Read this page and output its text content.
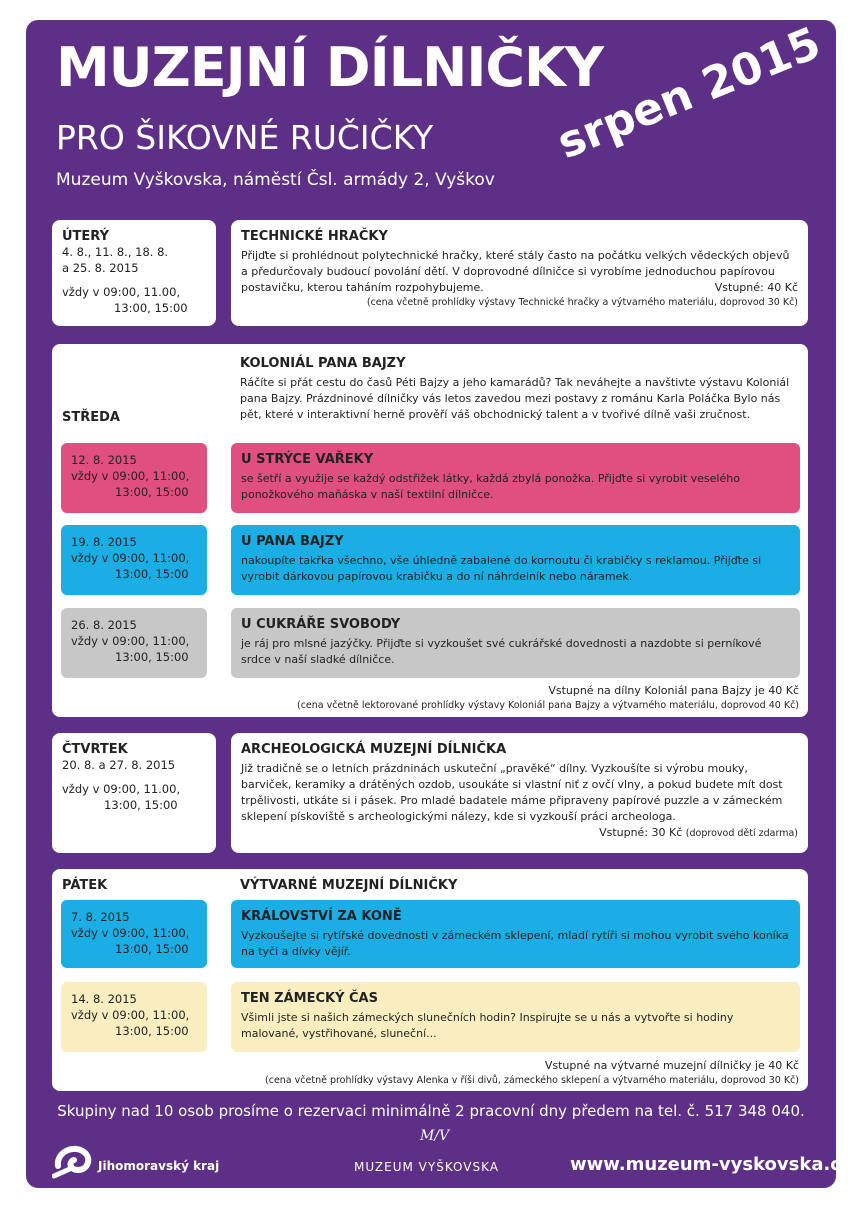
MUZEJNÍ DÍLNIČKY
PRO ŠIKOVNÉ RUČIČKY
Muzeum Vyškovska, náměstí Čsl. armády 2, Vyškov
srpen 2015
ÚTERÝ
4. 8., 11. 8., 18. 8.
a 25. 8. 2015
vždy v 09:00, 11.00,
13:00, 15:00
TECHNICKÉ HRAČKY
Přijďte si prohlédnout polytechnické hračky, které stály často na počátku velkých vědeckých objevů a předurčovaly budoucí povolání dětí. V doprovodné dílničce si vyrobíme jednoduchou papírovou postavičku, kterou taháním rozpohybujeme.	Vstupné: 40 Kč
(cena včetně prohlídky výstavy Technické hračky a výtvarného materiálu, doprovod 30 Kč)
STŘEDA
KOLONIÁL PANA BAJZY
Ráčíte si přát cestu do časů Péti Bajzy a jeho kamarádů? Tak neváhejte a navštivte výstavu Koloniál pana Bajzy. Prázdninové dílničky vás letos zavedou mezi postavy z románu Karla Poláčka Bylo nás pět, které v interaktivní herně prověří váš obchodnický talent a v tvořivé dílně vaši zručnost.
12. 8. 2015
vždy v 09:00, 11:00,
13:00, 15:00
U STRÝCE VAŘEKY
se šetří a využije se každý odstřižek látky, každá zbylá ponožka. Přijďte si vyrobit veselého ponožkového maňáska v naší textilní dílničce.
19. 8. 2015
vždy v 09:00, 11:00,
13:00, 15:00
U PANA BAJZY
nakoupíte takřka všechno, vše úhledně zabalené do kornoutu či krabičky s reklamou. Přijďte si vyrobit dárkovou papírovou krabičku a do ní náhrdelník nebo náramek.
26. 8. 2015
vždy v 09:00, 11:00,
13:00, 15:00
U CUKRÁŘE SVOBODY
je ráj pro mlsné jazýčky. Přijďte si vyzkoušet své cukrářské dovednosti a nazdobte si perníkové srdce v naší sladké dílničce.
Vstupné na dílny Koloniál pana Bajzy je 40 Kč
(cena včetně lektorované prohlídky výstavy Koloniál pana Bajzy a výtvarného materiálu, doprovod 40 Kč)
ČTVRTEK
20. 8. a 27. 8. 2015
vždy v 09:00, 11.00,
13:00, 15:00
ARCHEOLOGICKÁ MUZEJNÍ DÍLNIČKA
Již tradičně se o letních prázdninách uskuteční „pravěké“ dílny. Vyzkoušíte si výrobu mouky, barviček, keramiky a drátěných ozdob, usoukáte si vlastní niť z ovčí vlny, a pokud budete mít dost trpělivosti, utkáte si i pásek. Pro mladé badatele máme připraveny papírové puzzle a v zámeckém sklepení pískoviště s archeologickými nálezy, kde si vyzkouší práci archeologa.
Vstupné: 30 Kč (doprovod dětí zdarma)
PÁTEK	VÝTVARNÉ MUZEJNÍ DÍLNIČKY
7. 8. 2015
vždy v 09:00, 11:00,
13:00, 15:00
KRÁLOVSTVÍ ZA KONĚ
Vyzkoušejte si rytířské dovednosti v zámeckém sklepení, mladí rytíři si mohou vyrobit svého koníka na tyči a dívky vějíř.
14. 8. 2015
vždy v 09:00, 11:00,
13:00, 15:00
TEN ZÁMECKÝ ČAS
Všimli jste si našich zámeckých slunečních hodin? Inspirujte se u nás a vytvořte si hodiny malované, vystřihované, sluneční...
Vstupné na výtvarné muzejní dílničky je 40 Kč
(cena včetně prohlídky výstavy Alenka v říši divů, zámeckého sklepení a výtvarného materiálu, doprovod 30 Kč)
Skupiny nad 10 osob prosíme o rezervaci minimálně 2 pracovní dny předem na tel. č. 517 348 040.
Jihomoravský kraj
M/V
MUZEUM VYŠKOVSKA	www.muzeum-vyskovska.cz
